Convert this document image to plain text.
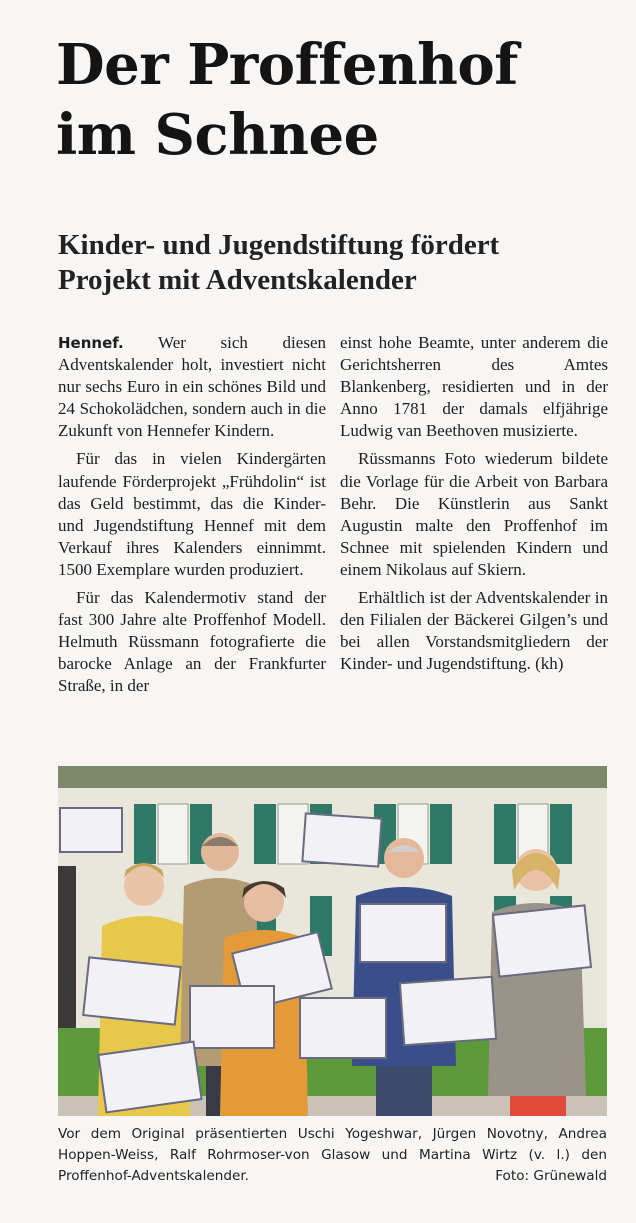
Der Proffenhof
im Schnee
Kinder- und Jugendstiftung fördert
Projekt mit Adventskalender

Hennef. Wer sich diesen Adventskalender holt, investiert nicht nur sechs Euro in ein schönes Bild und 24 Schokolädchen, sondern auch in die Zukunft von Hennefer Kindern.

Für das in vielen Kindergärten laufende Förderprojekt „Frühdolin“ ist das Geld bestimmt, das die Kinder- und Jugendstiftung Hennef mit dem Verkauf ihres Kalenders einnimmt. 1500 Exemplare wurden produziert.

Für das Kalendermotiv stand der fast 300 Jahre alte Proffenhof Modell. Helmuth Rüssmann fotografierte die barocke Anlage an der Frankfurter Straße, in der

einst hohe Beamte, unter anderem die Gerichtsherren des Amtes Blankenberg, residierten und in der Anno 1781 der damals elfjährige Ludwig van Beethoven musizierte.

Rüssmanns Foto wiederum bildete die Vorlage für die Arbeit von Barbara Behr. Die Künstlerin aus Sankt Augustin malte den Proffenhof im Schnee mit spielenden Kindern und einem Nikolaus auf Skiern.

Erhältlich ist der Adventskalender in den Filialen der Bäckerei Gilgen’s und bei allen Vorstandsmitgliedern der Kinder- und Jugendstiftung. (kh)

Vor dem Original präsentierten Uschi Yogeshwar, Jürgen Novotny, Andrea Hoppen-Weiss, Ralf Rohrmoser-von Glasow und Martina Wirtz (v. l.) den Proffenhof-Adventskalender.	Foto: Grünewald
